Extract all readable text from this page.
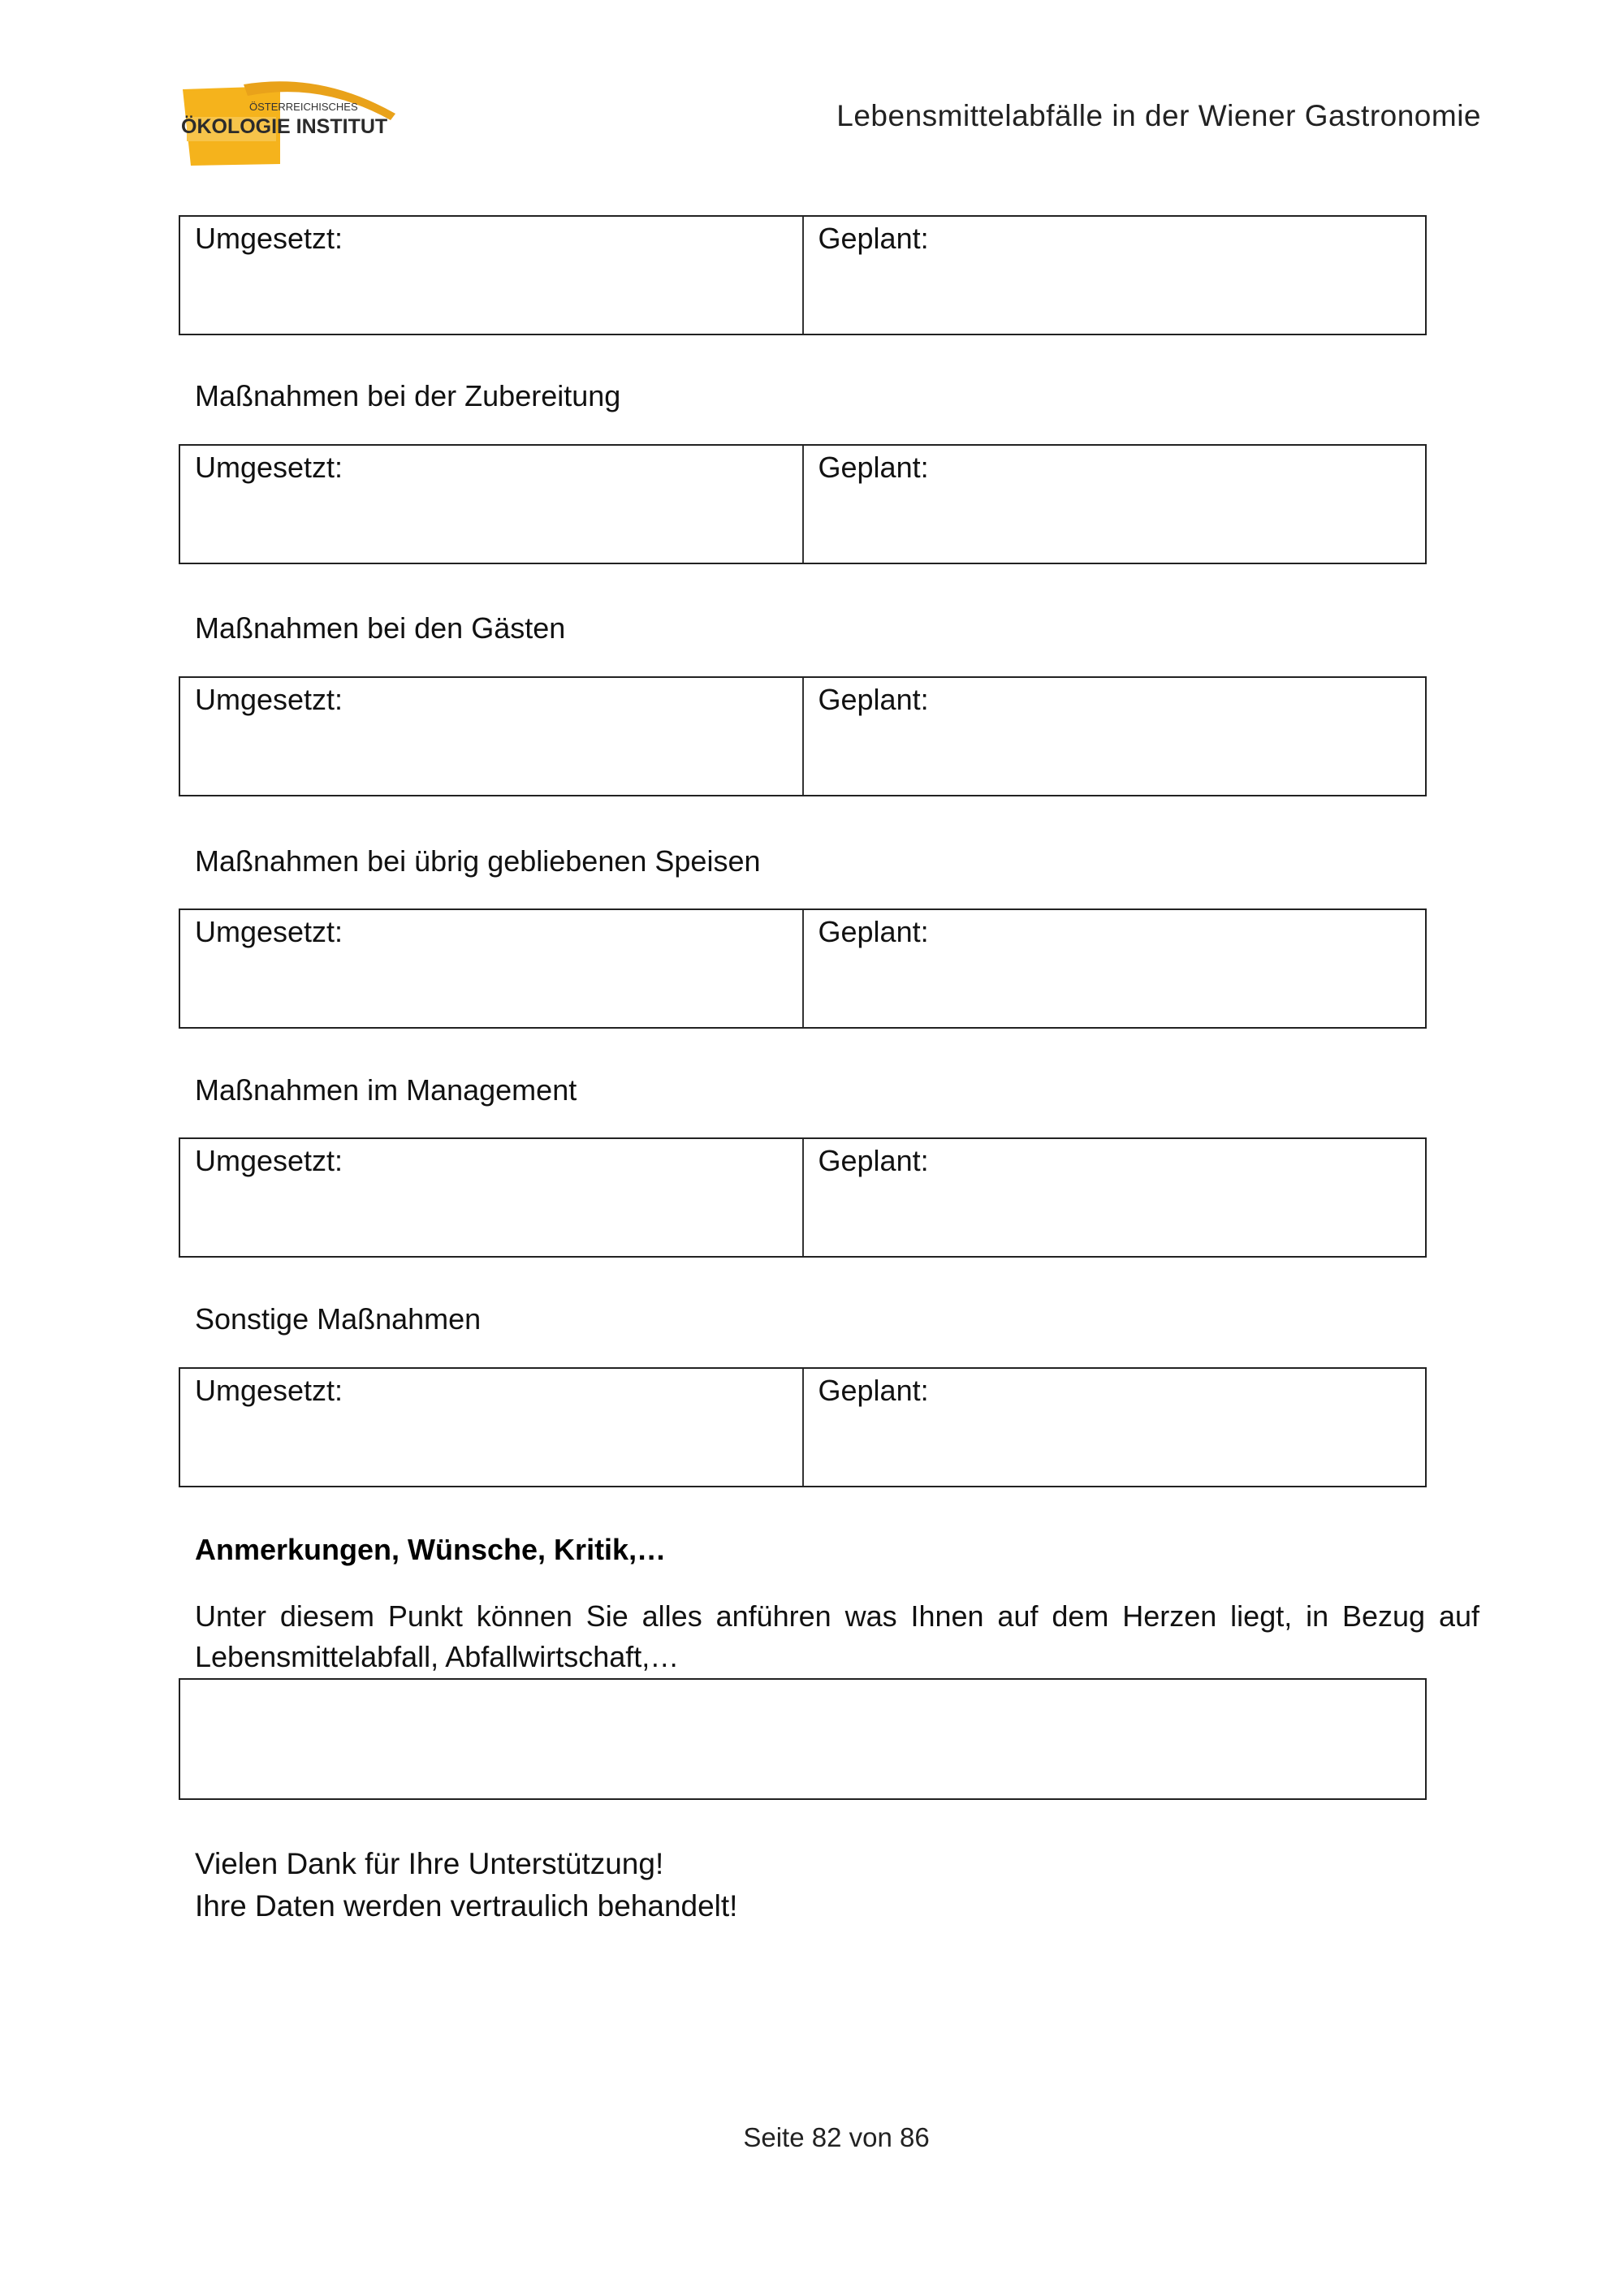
ÖSTERREICHISCHES
ÖKOLOGIE INSTITUT	Lebensmittelabfälle in der Wiener Gastronomie
Umgesetzt:	Geplant:
Maßnahmen bei der Zubereitung
Umgesetzt:	Geplant:
Maßnahmen bei den Gästen
Umgesetzt:	Geplant:
Maßnahmen bei übrig gebliebenen Speisen
Umgesetzt:	Geplant:
Maßnahmen im Management
Umgesetzt:	Geplant:
Sonstige Maßnahmen
Umgesetzt:	Geplant:
Anmerkungen, Wünsche, Kritik,…
Unter diesem Punkt können Sie alles anführen was Ihnen auf dem Herzen liegt, in Bezug auf Lebensmittelabfall, Abfallwirtschaft,…
Vielen Dank für Ihre Unterstützung!
Ihre Daten werden vertraulich behandelt!
Seite 82 von 86
